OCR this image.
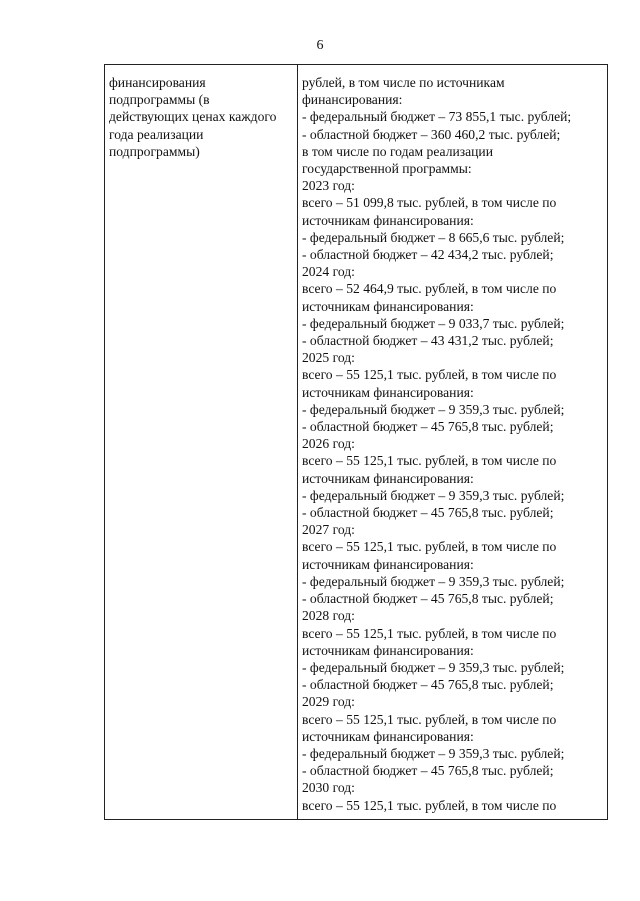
6
финансирования
подпрограммы (в
действующих ценах каждого
года реализации
подпрограммы)
рублей, в том числе по источникам
финансирования:
- федеральный бюджет – 73 855,1 тыс. рублей;
- областной бюджет – 360 460,2 тыс. рублей;
в том числе по годам реализации
государственной программы:
2023 год:
всего – 51 099,8 тыс. рублей, в том числе по
источникам финансирования:
- федеральный бюджет – 8 665,6 тыс. рублей;
- областной бюджет – 42 434,2 тыс. рублей;
2024 год:
всего – 52 464,9 тыс. рублей, в том числе по
источникам финансирования:
- федеральный бюджет – 9 033,7 тыс. рублей;
- областной бюджет – 43 431,2 тыс. рублей;
2025 год:
всего – 55 125,1 тыс. рублей, в том числе по
источникам финансирования:
- федеральный бюджет – 9 359,3 тыс. рублей;
- областной бюджет – 45 765,8 тыс. рублей;
2026 год:
всего – 55 125,1 тыс. рублей, в том числе по
источникам финансирования:
- федеральный бюджет – 9 359,3 тыс. рублей;
- областной бюджет – 45 765,8 тыс. рублей;
2027 год:
всего – 55 125,1 тыс. рублей, в том числе по
источникам финансирования:
- федеральный бюджет – 9 359,3 тыс. рублей;
- областной бюджет – 45 765,8 тыс. рублей;
2028 год:
всего – 55 125,1 тыс. рублей, в том числе по
источникам финансирования:
- федеральный бюджет – 9 359,3 тыс. рублей;
- областной бюджет – 45 765,8 тыс. рублей;
2029 год:
всего – 55 125,1 тыс. рублей, в том числе по
источникам финансирования:
- федеральный бюджет – 9 359,3 тыс. рублей;
- областной бюджет – 45 765,8 тыс. рублей;
2030 год:
всего – 55 125,1 тыс. рублей, в том числе по
